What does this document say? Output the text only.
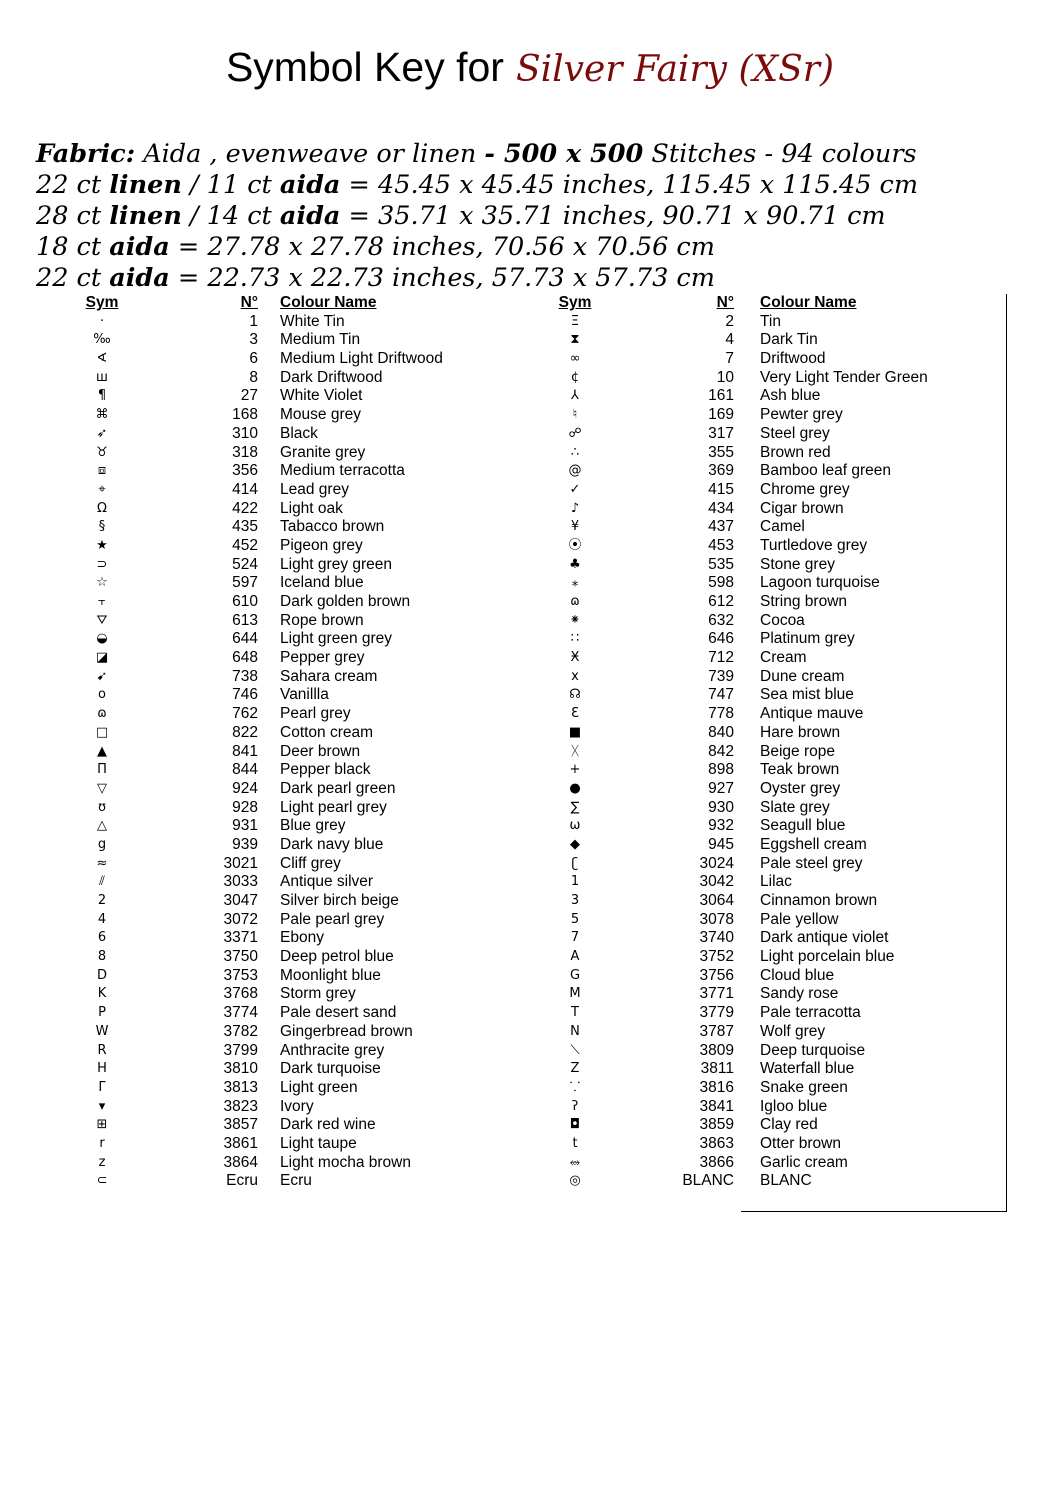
Symbol Key for Silver Fairy (XSr)
Fabric: Aida , evenweave or linen - 500 x 500 Stitches - 94 colours
22 ct linen / 11 ct aida = 45.45 x 45.45 inches, 115.45 x 115.45 cm
28 ct linen / 14 ct aida = 35.71 x 35.71 inches, 90.71 x 90.71 cm
18 ct aida = 27.78 x 27.78 inches, 70.56 x 70.56 cm
22 ct aida = 22.73 x 22.73 inches, 57.73 x 57.73 cm
Sym	N° Colour Name
·	1 White Tin
‰	3 Medium Tin
∢	6 Medium Light Driftwood
ш	8 Dark Driftwood
¶	27 White Violet
⌘	168 Mouse grey
➶	310 Black
♉	318 Granite grey
⧈	356 Medium terracotta
⌖	414 Lead grey
Ω	422 Light oak
§	435 Tabacco brown
★	452 Pigeon grey
⊃	524 Light grey green
☆	597 Iceland blue
⫟	610 Dark golden brown
⛛	613 Rope brown
◒	644 Light green grey
◪	648 Pepper grey
➹	738 Sahara cream
o	746 Vanillla
ɷ	762 Pearl grey
□	822 Cotton cream
▲	841 Deer brown
Π	844 Pepper black
▽	924 Dark pearl green
ʊ	928 Light pearl grey
△	931 Blue grey
g	939 Dark navy blue
≈	3021 Cliff grey
⫽	3033 Antique silver
2	3047 Silver birch beige
4	3072 Pale pearl grey
6	3371 Ebony
8	3750 Deep petrol blue
D	3753 Moonlight blue
K	3768 Storm grey
P	3774 Pale desert sand
W	3782 Gingerbread brown
R	3799 Anthracite grey
H	3810 Dark turquoise
Γ	3813 Light green
▾	3823 Ivory
⊞	3857 Dark red wine
r	3861 Light taupe
z	3864 Light mocha brown
⊂	Ecru Ecru
Sym	N° Colour Name
Ξ	2 Tin
⧗	4 Dark Tin
∞	7 Driftwood
¢	10 Very Light Tender Green
⅄	161 Ash blue
♮	169 Pewter grey
☍	317 Steel grey
∴	355 Brown red
@	369 Bamboo leaf green
✓	415 Chrome grey
♪	434 Cigar brown
¥	437 Camel
⦿	453 Turtledove grey
♣	535 Stone grey
⁎	598 Lagoon turquoise
ɷ	612 String brown
⁕	632 Cocoa
∷	646 Platinum grey
Ӿ	712 Cream
x	739 Dune cream
☊	747 Sea mist blue
Ɛ	778 Antique mauve
■	840 Hare brown
ᚷ	842 Beige rope
+	898 Teak brown
●	927 Oyster grey
∑	930 Slate grey
ω	932 Seagull blue
◆	945 Eggshell cream
ʗ	3024 Pale steel grey
1	3042 Lilac
3	3064 Cinnamon brown
5	3078 Pale yellow
7	3740 Dark antique violet
A	3752 Light porcelain blue
G	3756 Cloud blue
M	3771 Sandy rose
T	3779 Pale terracotta
N	3787 Wolf grey
⟍	3809 Deep turquoise
Z	3811 Waterfall blue
⸪	3816 Snake green
ʔ	3841 Igloo blue
◘	3859 Clay red
t	3863 Otter brown
⥈	3866 Garlic cream
◎	BLANC BLANC
